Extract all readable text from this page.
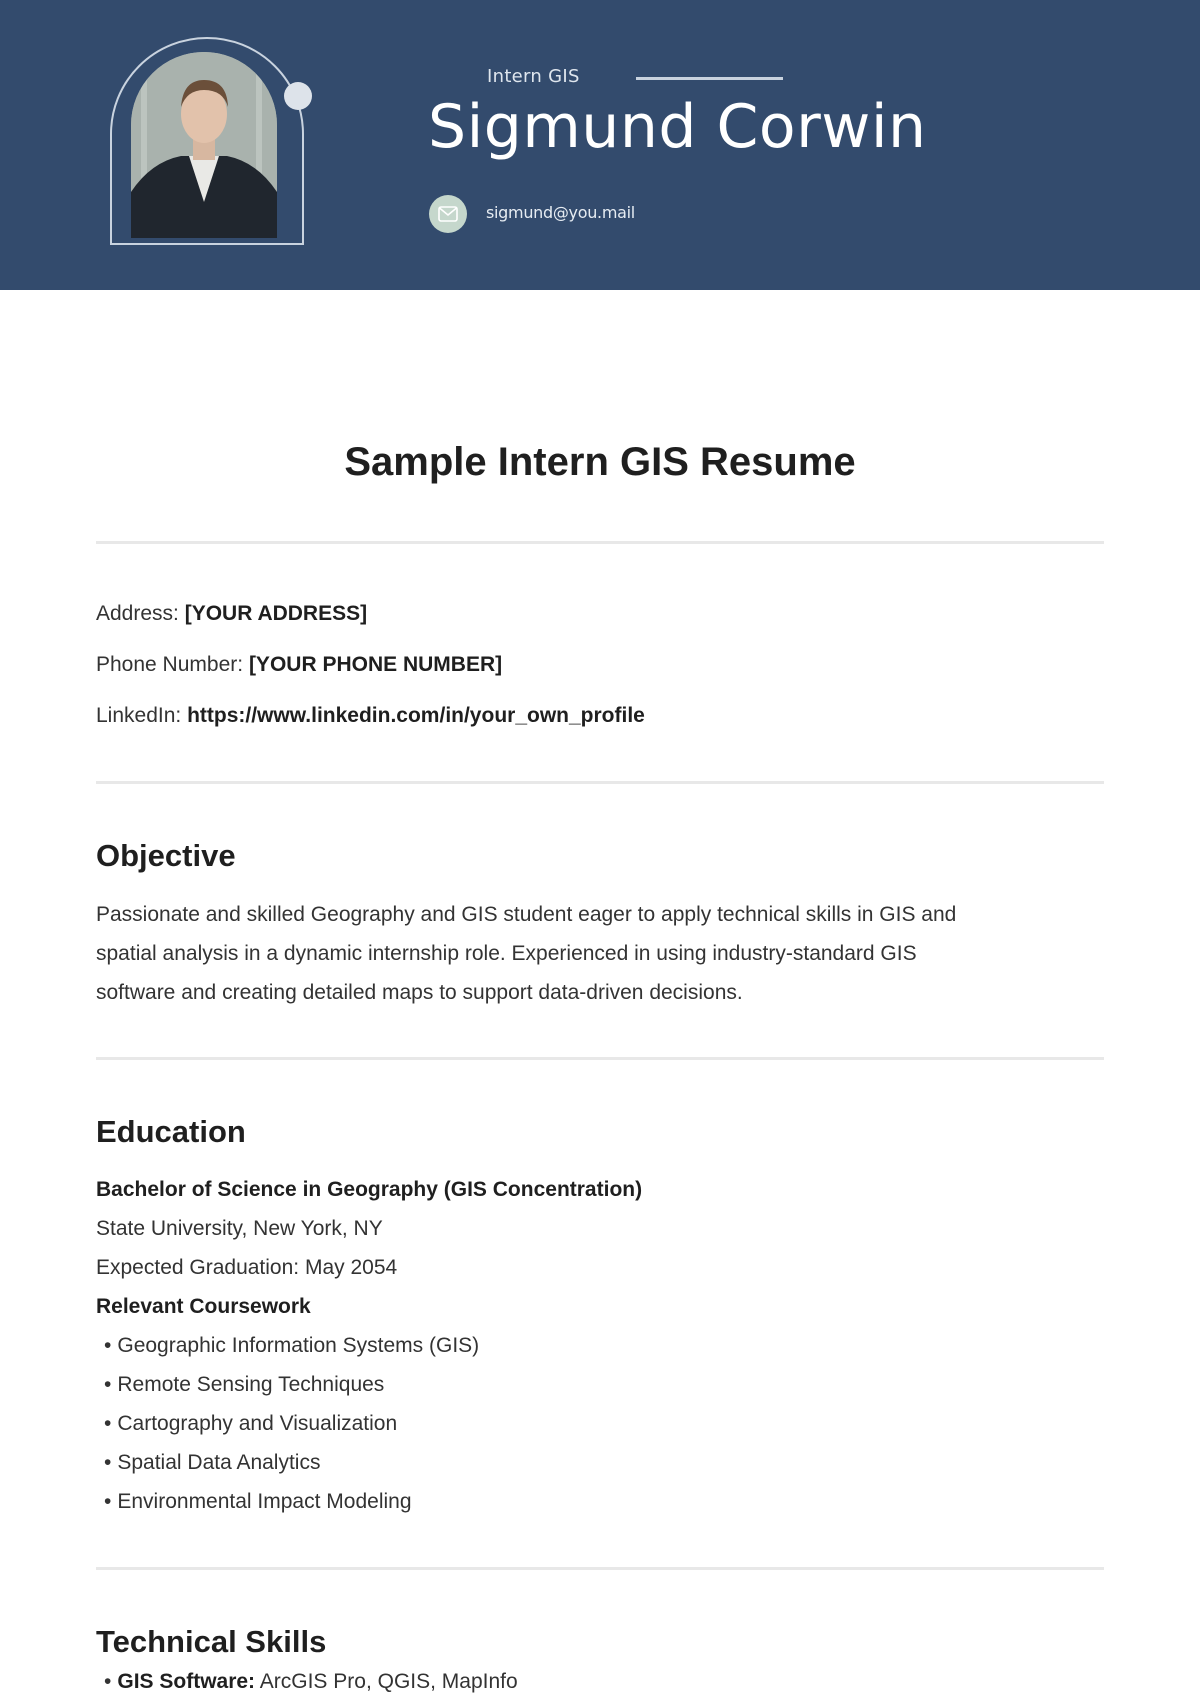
Intern GIS
Sigmund Corwin
sigmund@you.mail
Sample Intern GIS Resume
Address: [YOUR ADDRESS]
Phone Number: [YOUR PHONE NUMBER]
LinkedIn: https://www.linkedin.com/in/your_own_profile
Objective
Passionate and skilled Geography and GIS student eager to apply technical skills in GIS and
spatial analysis in a dynamic internship role. Experienced in using industry-standard GIS
software and creating detailed maps to support data-driven decisions.
Education
Bachelor of Science in Geography (GIS Concentration)
State University, New York, NY
Expected Graduation: May 2054
Relevant Coursework
• Geographic Information Systems (GIS)
• Remote Sensing Techniques
• Cartography and Visualization
• Spatial Data Analytics
• Environmental Impact Modeling
Technical Skills
• GIS Software: ArcGIS Pro, QGIS, MapInfo
